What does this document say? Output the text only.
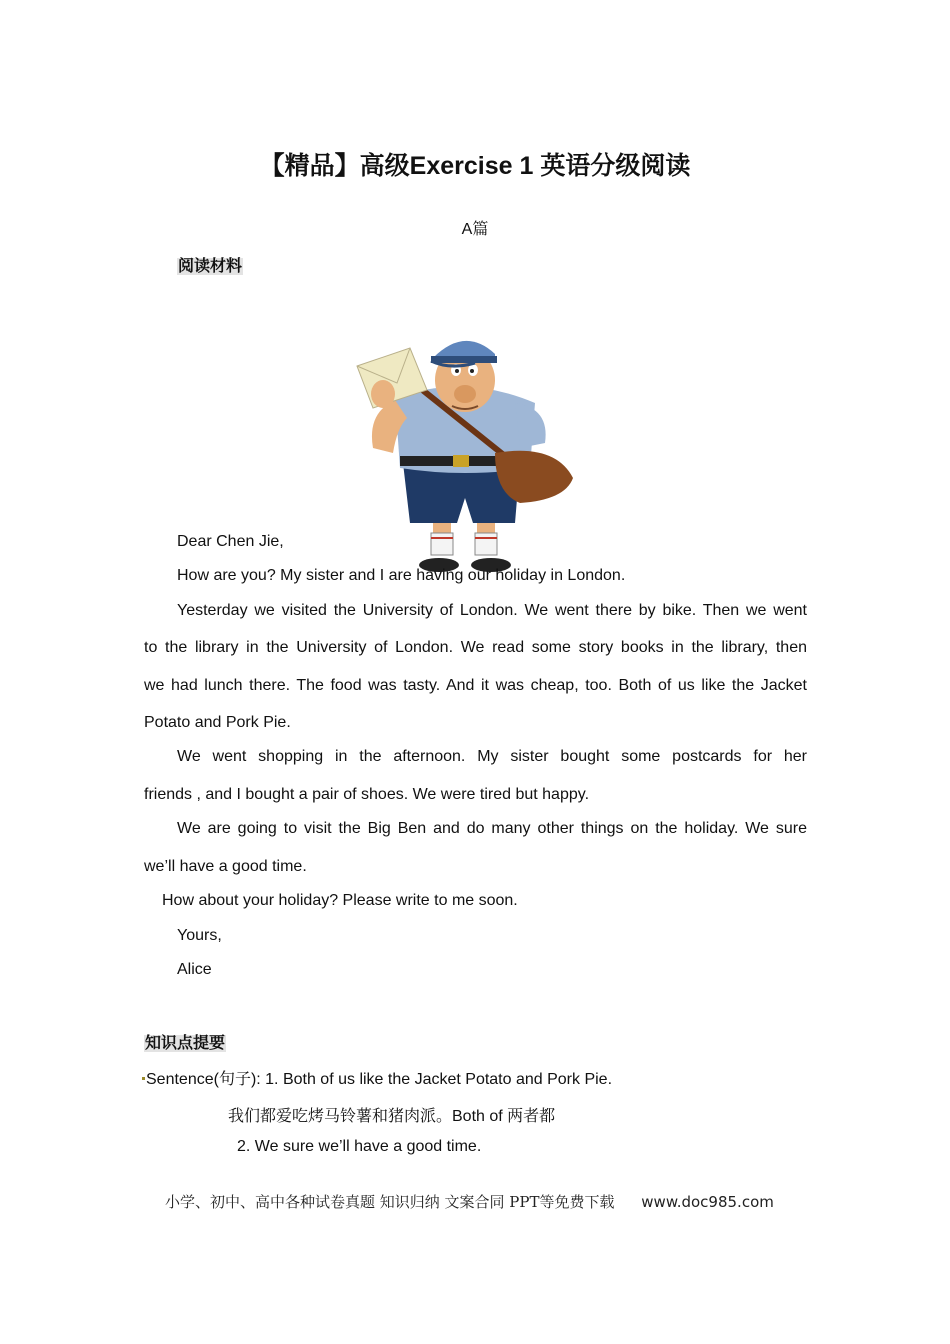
【精品】高级Exercise 1 英语分级阅读
A篇
阅读材料
Dear Chen Jie,
How are you? My sister and I are having our holiday in London.
Yesterday we visited the University of London. We went there by bike. Then we went
to the library in the University of London. We read some story books in the library, then
we had lunch there. The food was tasty. And it was cheap, too. Both of us like the Jacket
Potato and Pork Pie.
We went shopping in the afternoon. My sister bought some postcards for her
friends , and I bought a pair of shoes. We were tired but happy.
We are going to visit the Big Ben and do many other things on the holiday. We sure
we’ll have a good time.
How about your holiday? Please write to me soon.
Yours,
Alice
知识点提要
Sentence(句子): 1. Both of us like the Jacket Potato and Pork Pie.
我们都爱吃烤马铃薯和猪肉派。Both of 两者都
2. We sure we’ll have a good time.
小学、初中、高中各种试卷真题 知识归纳 文案合同 PPT等免费下载 www.doc985.com
